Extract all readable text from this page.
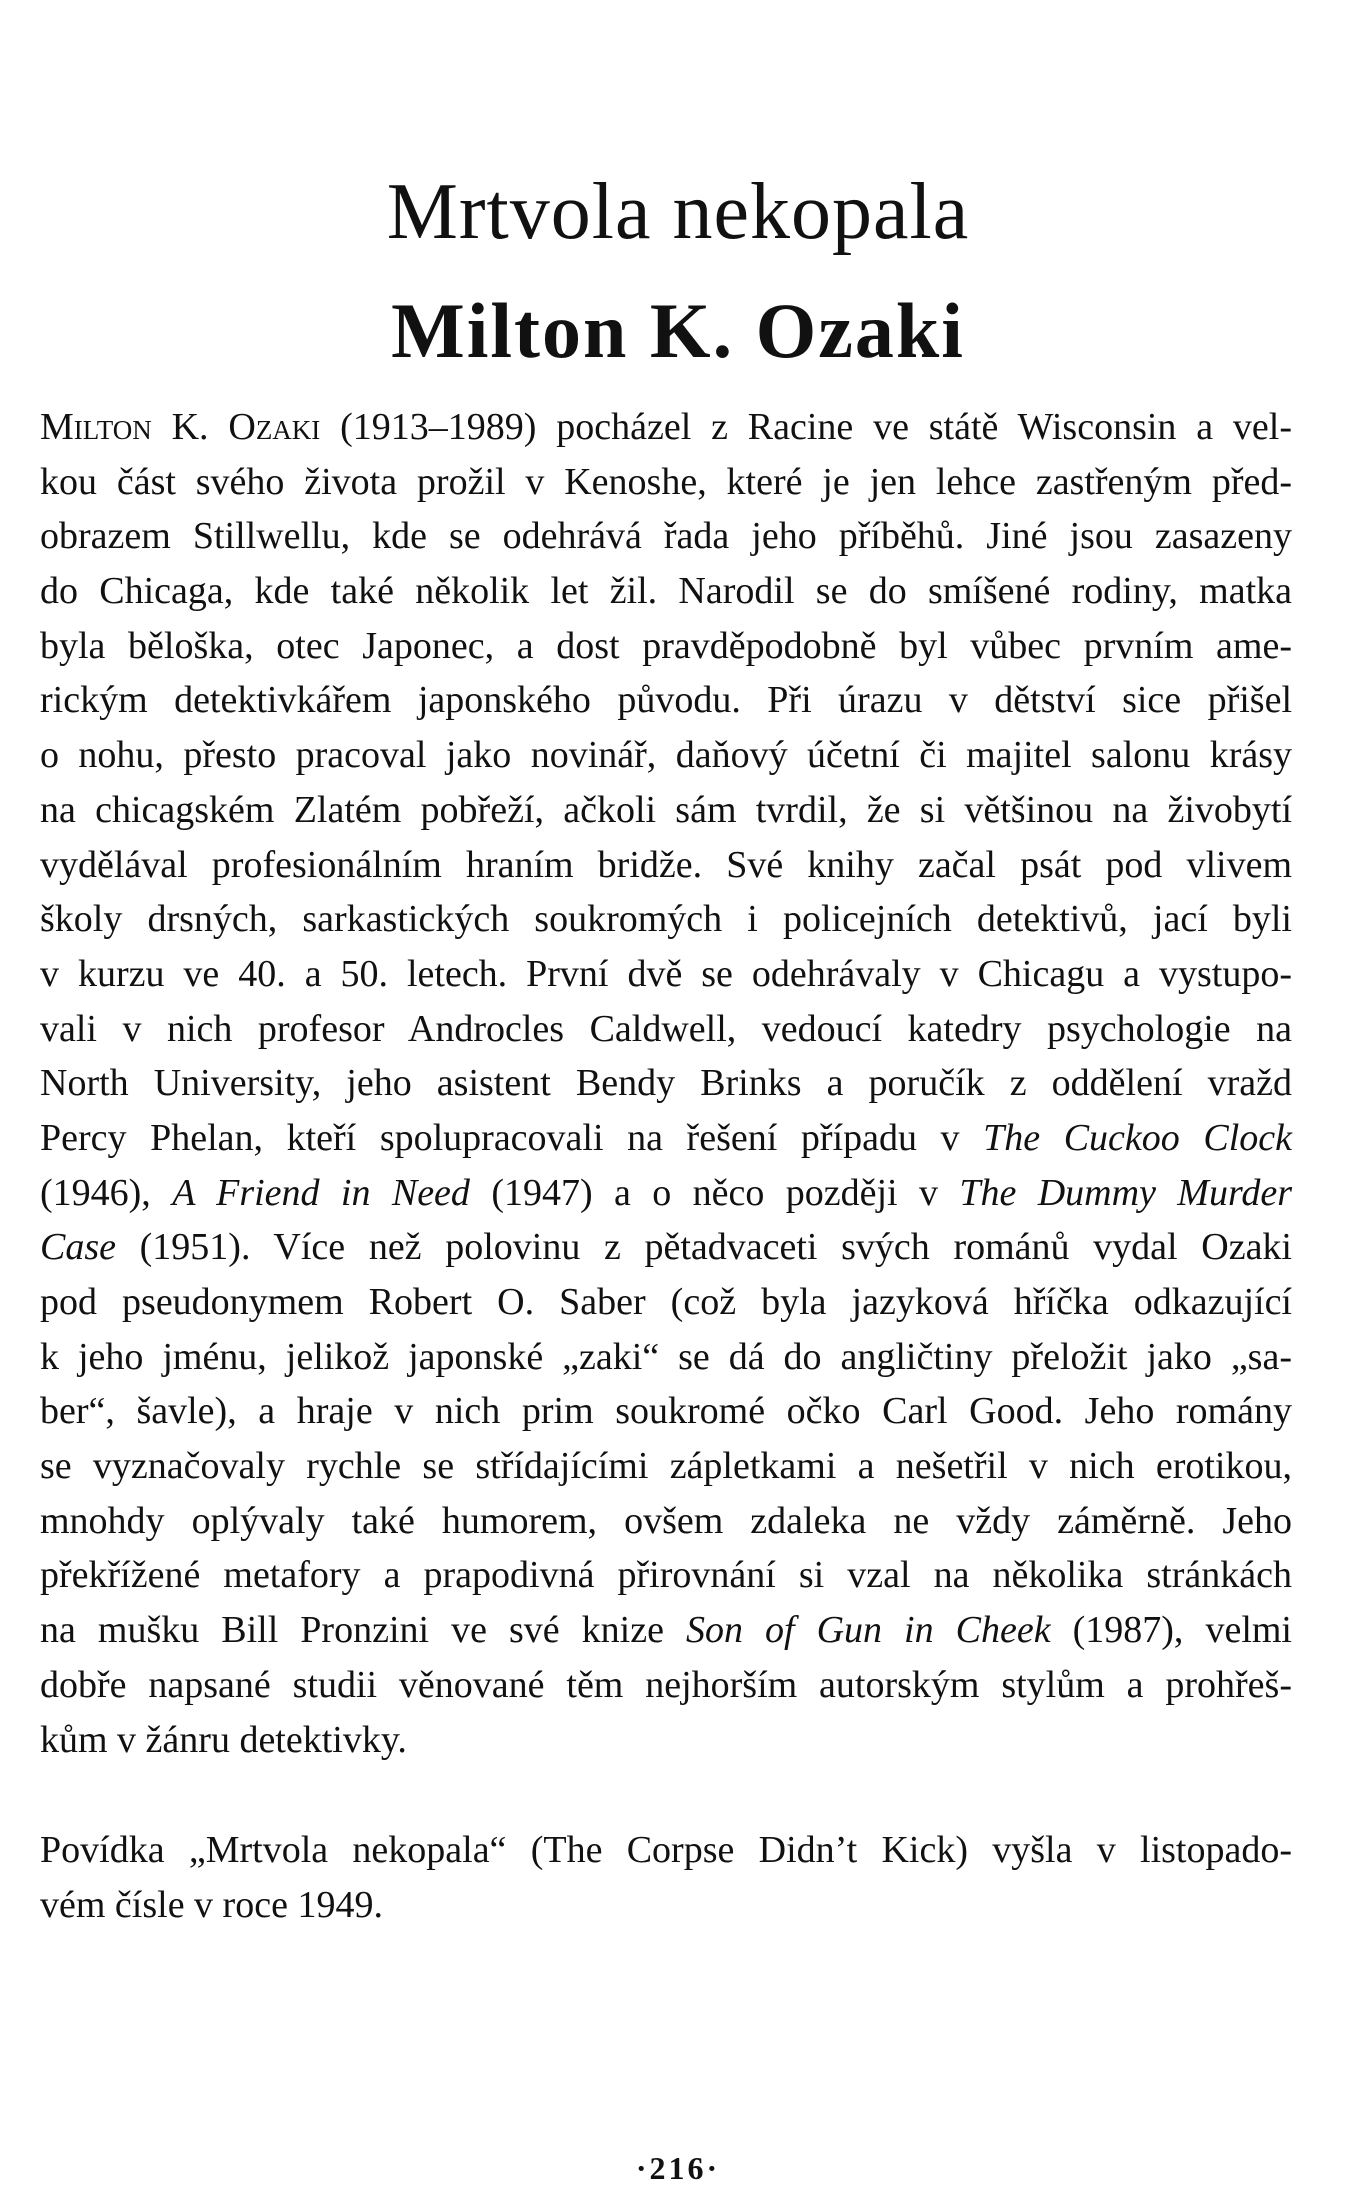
Mrtvola nekopala
Milton K. Ozaki
Milton K. Ozaki (1913–1989) pocházel z Racine ve státě Wisconsin a vel-
kou část svého života prožil v Kenoshe, které je jen lehce zastřeným před-
obrazem Stillwellu, kde se odehrává řada jeho příběhů. Jiné jsou zasazeny
do Chicaga, kde také několik let žil. Narodil se do smíšené rodiny, matka
byla běloška, otec Japonec, a dost pravděpodobně byl vůbec prvním ame-
rickým detektivkářem japonského původu. Při úrazu v dětství sice přišel
o nohu, přesto pracoval jako novinář, daňový účetní či majitel salonu krásy
na chicagském Zlatém pobřeží, ačkoli sám tvrdil, že si většinou na živobytí
vydělával profesionálním hraním bridže. Své knihy začal psát pod vlivem
školy drsných, sarkastických soukromých i policejních detektivů, jací byli
v kurzu ve 40. a 50. letech. První dvě se odehrávaly v Chicagu a vystupo-
vali v nich profesor Androcles Caldwell, vedoucí katedry psychologie na
North University, jeho asistent Bendy Brinks a poručík z oddělení vražd
Percy Phelan, kteří spolupracovali na řešení případu v The Cuckoo Clock
(1946), A Friend in Need (1947) a o něco později v The Dummy Murder
Case (1951). Více než polovinu z pětadvaceti svých románů vydal Ozaki
pod pseudonymem Robert O. Saber (což byla jazyková hříčka odkazující
k jeho jménu, jelikož japonské „zaki“ se dá do angličtiny přeložit jako „sa-
ber“, šavle), a hraje v nich prim soukromé očko Carl Good. Jeho romány
se vyznačovaly rychle se střídajícími zápletkami a nešetřil v nich erotikou,
mnohdy oplývaly také humorem, ovšem zdaleka ne vždy záměrně. Jeho
překřížené metafory a prapodivná přirovnání si vzal na několika stránkách
na mušku Bill Pronzini ve své knize Son of Gun in Cheek (1987), velmi
dobře napsané studii věnované těm nejhorším autorským stylům a prohřeš-
kům v žánru detektivky.
Povídka „Mrtvola nekopala“ (The Corpse Didn’t Kick) vyšla v listopado-
vém čísle v roce 1949.
·216·
